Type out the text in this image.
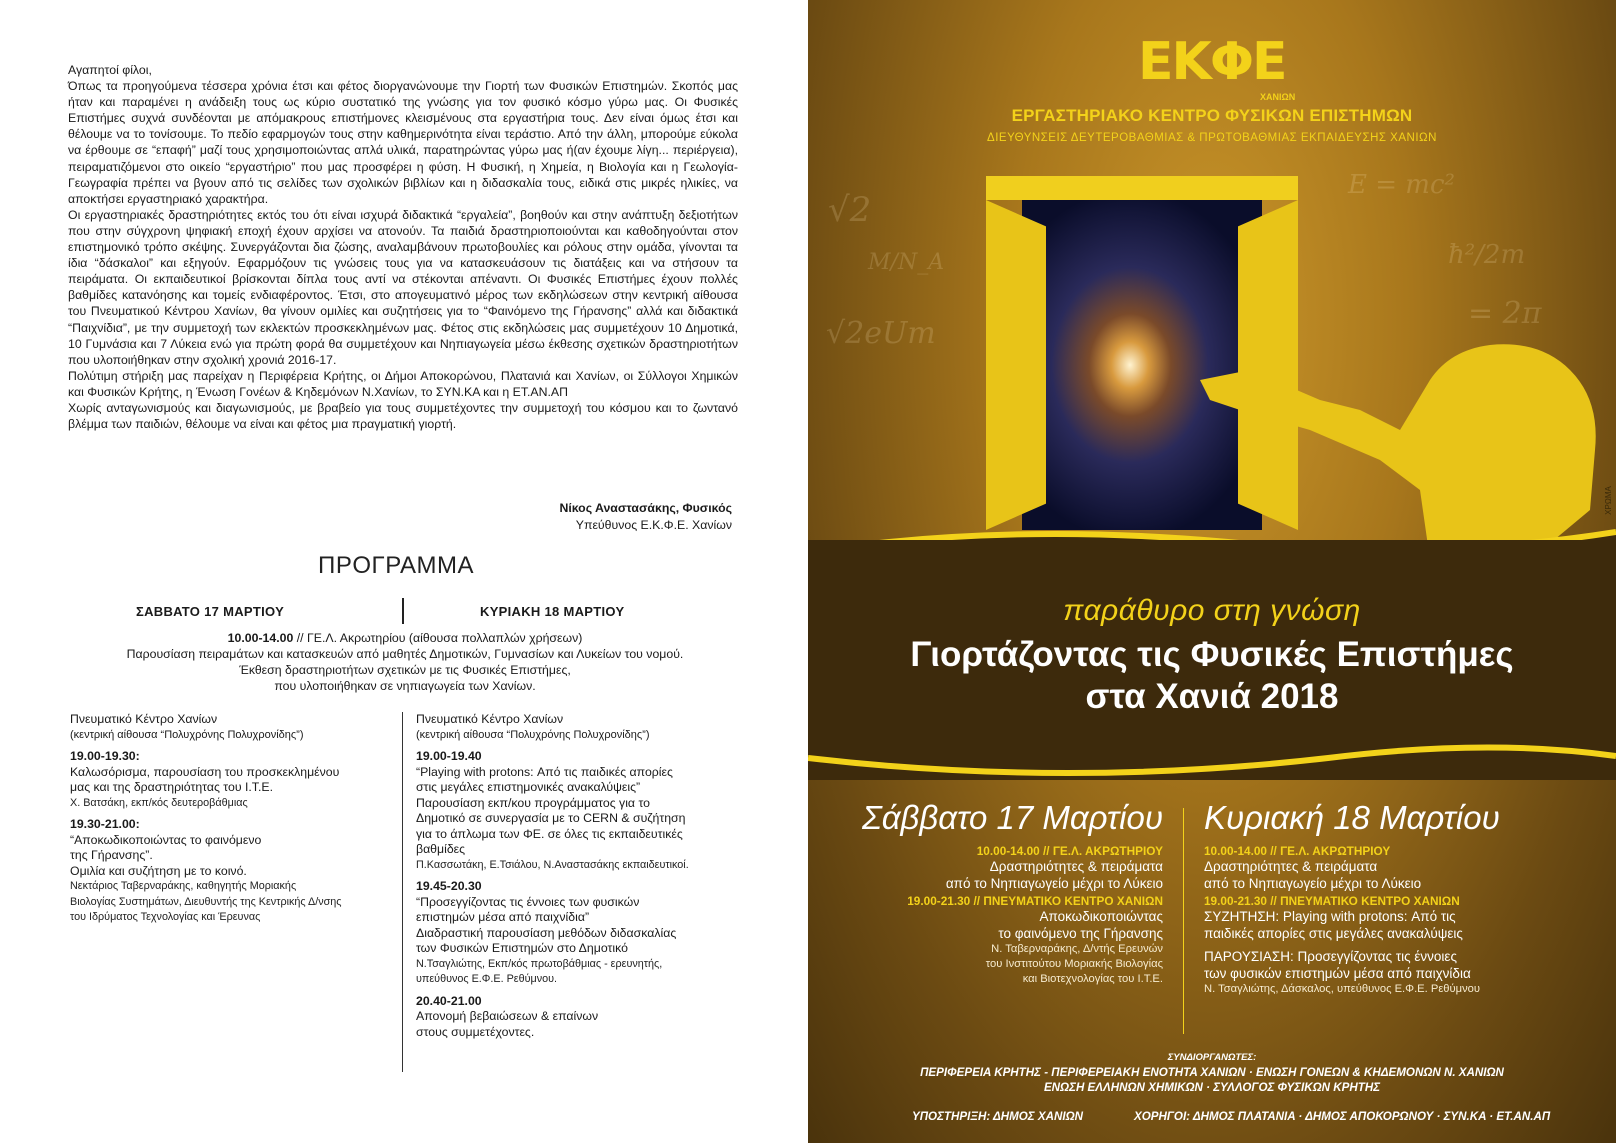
Αγαπητοί φίλοι,

Όπως τα προηγούμενα τέσσερα χρόνια έτσι και φέτος διοργανώνουμε την Γιορτή των Φυσικών Επιστημών. Σκοπός μας ήταν και παραμένει η ανάδειξη τους ως κύριο συστατικό της γνώσης για τον φυσικό κόσμο γύρω μας. Οι Φυσικές Επιστήμες συχνά συνδέονται με απόμακρους επιστήμονες κλεισμένους στα εργαστήρια τους. Δεν είναι όμως έτσι και θέλουμε να το τονίσουμε. Το πεδίο εφαρμογών τους στην καθημερινότητα είναι τεράστιο. Από την άλλη, μπορούμε εύκολα να έρθουμε σε “επαφή” μαζί τους χρησιμοποιώντας απλά υλικά, παρατηρώντας γύρω μας ή(αν έχουμε λίγη... περιέργεια), πειραματιζόμενοι στο οικείο “εργαστήριο” που μας προσφέρει η φύση. Η Φυσική, η Χημεία, η Βιολογία και η Γεωλογία-Γεωγραφία πρέπει να βγουν από τις σελίδες των σχολικών βιβλίων και η διδασκαλία τους, ειδικά στις μικρές ηλικίες, να αποκτήσει εργαστηριακό χαρακτήρα.

Οι εργαστηριακές δραστηριότητες εκτός του ότι είναι ισχυρά διδακτικά “εργαλεία”, βοηθούν και στην ανάπτυξη δεξιοτήτων που στην σύγχρονη ψηφιακή εποχή έχουν αρχίσει να ατονούν. Τα παιδιά δραστηριοποιούνται και καθοδηγούνται στον επιστημονικό τρόπο σκέψης. Συνεργάζονται δια ζώσης, αναλαμβάνουν πρωτοβουλίες και ρόλους στην ομάδα, γίνονται τα ίδια “δάσκαλοι” και εξηγούν. Εφαρμόζουν τις γνώσεις τους για να κατασκευάσουν τις διατάξεις και να στήσουν τα πειράματα. Οι εκπαιδευτικοί βρίσκονται δίπλα τους αντί να στέκονται απέναντι. Οι Φυσικές Επιστήμες έχουν πολλές βαθμίδες κατανόησης και τομείς ενδιαφέροντος. Έτσι, στο απογευματινό μέρος των εκδηλώσεων στην κεντρική αίθουσα του Πνευματικού Κέντρου Χανίων, θα γίνουν ομιλίες και συζητήσεις για το “Φαινόμενο της Γήρανσης” αλλά και διδακτικά “Παιχνίδια”, με την συμμετοχή των εκλεκτών προσκεκλημένων μας. Φέτος στις εκδηλώσεις μας συμμετέχουν 10 Δημοτικά, 10 Γυμνάσια και 7 Λύκεια ενώ για πρώτη φορά θα συμμετέχουν και Νηπιαγωγεία μέσω έκθεσης σχετικών δραστηριοτήτων που υλοποιήθηκαν στην σχολική χρονιά 2016-17.

Πολύτιμη στήριξη μας παρείχαν η Περιφέρεια Κρήτης, οι Δήμοι Αποκορώνου, Πλατανιά και Χανίων, οι Σύλλογοι Χημικών και Φυσικών Κρήτης, η Ένωση Γονέων & Κηδεμόνων Ν.Χανίων, το ΣΥΝ.ΚΑ και η ΕΤ.ΑΝ.ΑΠ

Χωρίς ανταγωνισμούς και διαγωνισμούς, με βραβείο για τους συμμετέχοντες την συμμετοχή του κόσμου και το ζωντανό βλέμμα των παιδιών, θέλουμε να είναι και φέτος μια πραγματική γιορτή.

Νίκος Αναστασάκης, Φυσικός
Υπεύθυνος Ε.Κ.Φ.Ε. Χανίων
ΠΡΟΓΡΑΜΜΑ
ΣΑΒΒΑΤΟ 17 ΜΑΡΤΙΟΥ	ΚΥΡΙΑΚΗ 18 ΜΑΡΤΙΟΥ
10.00-14.00 // ΓΕ.Λ. Ακρωτηρίου (αίθουσα πολλαπλών χρήσεων)
Παρουσίαση πειραμάτων και κατασκευών από μαθητές Δημοτικών, Γυμνασίων και Λυκείων του νομού.
Έκθεση δραστηριοτήτων σχετικών με τις Φυσικές Επιστήμες,
που υλοποιήθηκαν σε νηπιαγωγεία των Χανίων.

Πνευματικό Κέντρο Χανίων

(κεντρική αίθουσα “Πολυχρόνης Πολυχρονίδης”)

19.00-19.30:

Καλωσόρισμα, παρουσίαση του προσκεκλημένου

μας και της δραστηριότητας του Ι.Τ.Ε.

Χ. Βατσάκη, εκπ/κός δευτεροβάθμιας
19.30-21.00:

“Αποκωδικοποιώντας το φαινόμενο

της Γήρανσης”.

Ομιλία και συζήτηση με το κοινό.

Νεκτάριος Ταβερναράκης, καθηγητής Μοριακής
Βιολογίας Συστημάτων, Διευθυντής της Κεντρικής Δ/νσης
του Ιδρύματος Τεχνολογίας και Έρευνας

Πνευματικό Κέντρο Χανίων

(κεντρική αίθουσα “Πολυχρόνης Πολυχρονίδης”)

19.00-19.40

“Playing with protons: Από τις παιδικές απορίες

στις μεγάλες επιστημονικές ανακαλύψεις”

Παρουσίαση εκπ/κου προγράμματος για το

Δημοτικό σε συνεργασία με το CERN & συζήτηση

για το άπλωμα των ΦΕ. σε όλες τις εκπαιδευτικές

βαθμίδες

Π.Κασσωτάκη, Ε.Τσιάλου, Ν.Αναστασάκης εκπαιδευτικοί.
19.45-20.30

“Προσεγγίζοντας τις έννοιες των φυσικών

επιστημών μέσα από παιχνίδια”

Διαδραστική παρουσίαση μεθόδων διδασκαλίας

των Φυσικών Επιστημών στο Δημοτικό

Ν.Τσαγλιώτης, Εκπ/κός πρωτοβάθμιας - ερευνητής,
υπεύθυνος Ε.Φ.Ε. Ρεθύμνου.
20.40-21.00

Απονομή βεβαιώσεων & επαίνων

στους συμμετέχοντες.

√2
√2eUm
ħ²/2m
= 2π
E = mc²
M/N_A
ΕΚΦΕ
ΧΑΝΙΩΝ
ΕΡΓΑΣΤΗΡΙΑΚΟ ΚΕΝΤΡΟ ΦΥΣΙΚΩΝ ΕΠΙΣΤΗΜΩΝ
ΔΙΕΥΘΥΝΣΕΙΣ ΔΕΥΤΕΡΟΒΑΘΜΙΑΣ & ΠΡΩΤΟΒΑΘΜΙΑΣ ΕΚΠΑΙΔΕΥΣΗΣ ΧΑΝΙΩΝ
παράθυρο στη γνώση
Γιορτάζοντας τις Φυσικές Επιστήμες
στα Χανιά 2018
Σάββατο 17 Μαρτίου
10.00-14.00 // ΓΕ.Λ. ΑΚΡΩΤΗΡΙΟΥ
Δραστηριότητες & πειράματα
από το Νηπιαγωγείο μέχρι το Λύκειο
19.00-21.30 // ΠΝΕΥΜΑΤΙΚΟ ΚΕΝΤΡΟ ΧΑΝΙΩΝ
Αποκωδικοποιώντας
το φαινόμενο της Γήρανσης
Ν. Ταβερναράκης, Δ/ντής Ερευνών
του Ινστιτούτου Μοριακής Βιολογίας
και Βιοτεχνολογίας του Ι.Τ.Ε.
Κυριακή 18 Μαρτίου
10.00-14.00 // ΓΕ.Λ. ΑΚΡΩΤΗΡΙΟΥ
Δραστηριότητες & πειράματα
από το Νηπιαγωγείο μέχρι το Λύκειο
19.00-21.30 // ΠΝΕΥΜΑΤΙΚΟ ΚΕΝΤΡΟ ΧΑΝΙΩΝ
ΣΥΖΗΤΗΣΗ: Playing with protons: Από τις
παιδικές απορίες στις μεγάλες ανακαλύψεις
ΠΑΡΟΥΣΙΑΣΗ: Προσεγγίζοντας τις έννοιες
των φυσικών επιστημών μέσα από παιχνίδια
Ν. Τσαγλιώτης, Δάσκαλος, υπεύθυνος Ε.Φ.Ε. Ρεθύμνου
ΣΥΝΔΙΟΡΓΑΝΩΤΕΣ:
ΠΕΡΙΦΕΡΕΙΑ ΚΡΗΤΗΣ - ΠΕΡΙΦΕΡΕΙΑΚΗ ΕΝΟΤΗΤΑ ΧΑΝΙΩΝ · ΕΝΩΣΗ ΓΟΝΕΩΝ & ΚΗΔΕΜΟΝΩΝ Ν. ΧΑΝΙΩΝ
ΕΝΩΣΗ ΕΛΛΗΝΩΝ ΧΗΜΙΚΩΝ · ΣΥΛΛΟΓΟΣ ΦΥΣΙΚΩΝ ΚΡΗΤΗΣ
ΥΠΟΣΤΗΡΙΞΗ: ΔΗΜΟΣ ΧΑΝΙΩΝ	ΧΟΡΗΓΟΙ: ΔΗΜΟΣ ΠΛΑΤΑΝΙΑ · ΔΗΜΟΣ ΑΠΟΚΟΡΩΝΟΥ · ΣΥΝ.ΚΑ · ΕΤ.ΑΝ.ΑΠ
ΧΡΩΜΑ
